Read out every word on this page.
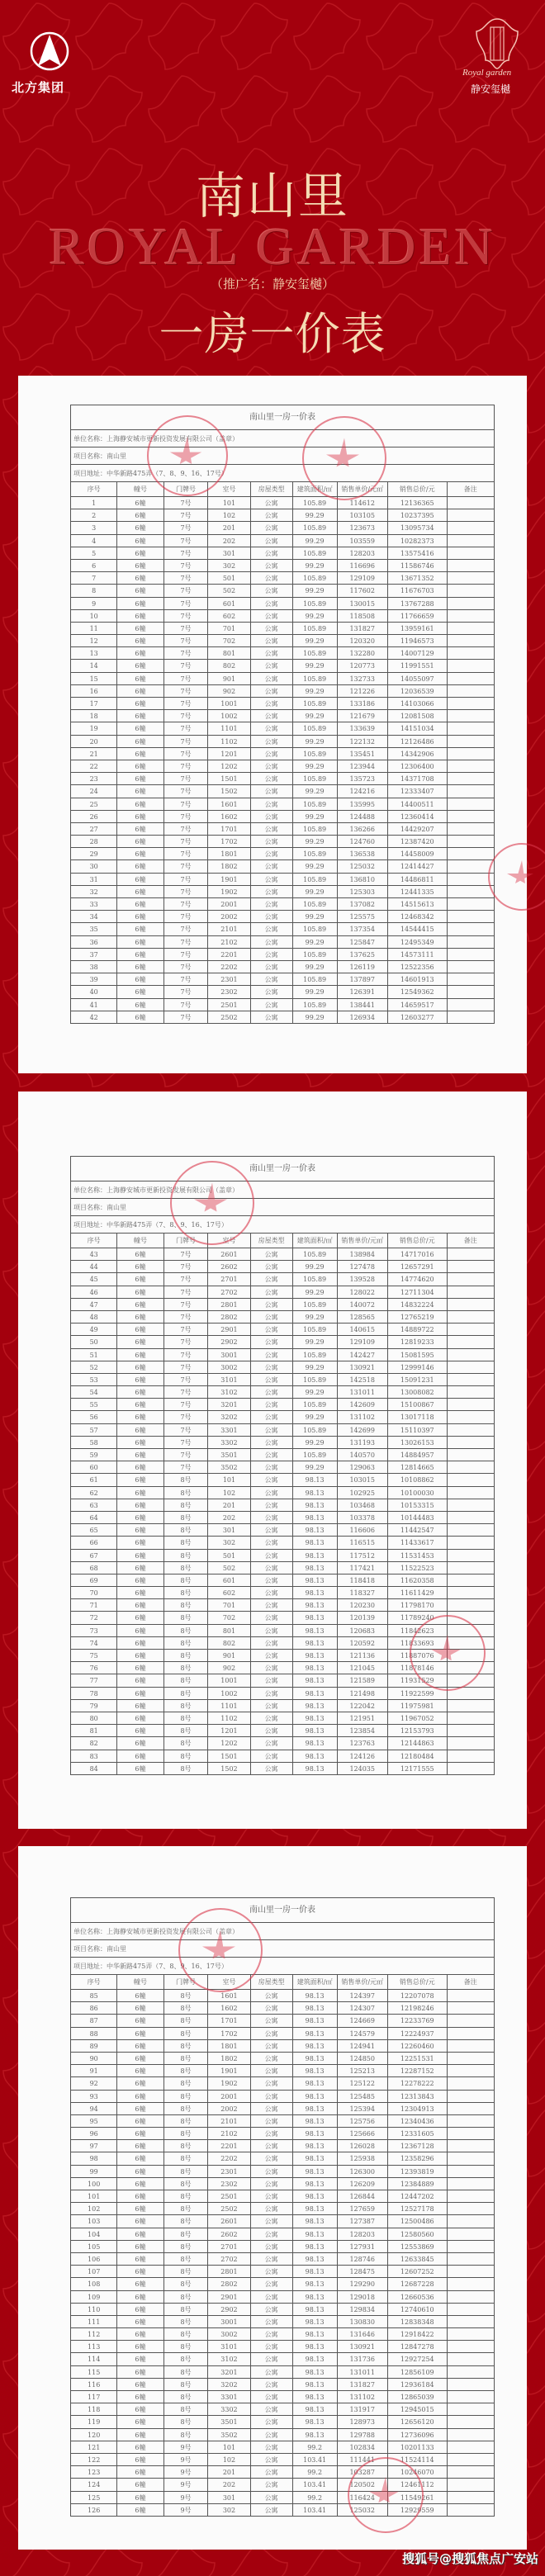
北方集团
Royal garden
静安玺樾
南山里
ROYAL GARDEN
（推广名：静安玺樾）
一房一价表
南山里一房一价表
单位名称：上海静安城市更新投资发展有限公司（盖章）
项目名称：南山里
项目地址：中华新路475弄（7、8、9、16、17号）
序号	幢号	门牌号	室号	房屋类型	建筑面积/㎡	销售单价/元㎡	销售总价/元	备注
1	6幢	7号	101	公寓	105.89	114612	12136365
2	6幢	7号	102	公寓	99.29	103105	10237395
3	6幢	7号	201	公寓	105.89	123673	13095734
4	6幢	7号	202	公寓	99.29	103559	10282373
5	6幢	7号	301	公寓	105.89	128203	13575416
6	6幢	7号	302	公寓	99.29	116696	11586746
7	6幢	7号	501	公寓	105.89	129109	13671352
8	6幢	7号	502	公寓	99.29	117602	11676703
9	6幢	7号	601	公寓	105.89	130015	13767288
10	6幢	7号	602	公寓	99.29	118508	11766659
11	6幢	7号	701	公寓	105.89	131827	13959161
12	6幢	7号	702	公寓	99.29	120320	11946573
13	6幢	7号	801	公寓	105.89	132280	14007129
14	6幢	7号	802	公寓	99.29	120773	11991551
15	6幢	7号	901	公寓	105.89	132733	14055097
16	6幢	7号	902	公寓	99.29	121226	12036539
17	6幢	7号	1001	公寓	105.89	133186	14103066
18	6幢	7号	1002	公寓	99.29	121679	12081508
19	6幢	7号	1101	公寓	105.89	133639	14151034
20	6幢	7号	1102	公寓	99.29	122132	12126486
21	6幢	7号	1201	公寓	105.89	135451	14342906
22	6幢	7号	1202	公寓	99.29	123944	12306400
23	6幢	7号	1501	公寓	105.89	135723	14371708
24	6幢	7号	1502	公寓	99.29	124216	12333407
25	6幢	7号	1601	公寓	105.89	135995	14400511
26	6幢	7号	1602	公寓	99.29	124488	12360414
27	6幢	7号	1701	公寓	105.89	136266	14429207
28	6幢	7号	1702	公寓	99.29	124760	12387420
29	6幢	7号	1801	公寓	105.89	136538	14458009
30	6幢	7号	1802	公寓	99.29	125032	12414427
31	6幢	7号	1901	公寓	105.89	136810	14486811
32	6幢	7号	1902	公寓	99.29	125303	12441335
33	6幢	7号	2001	公寓	105.89	137082	14515613
34	6幢	7号	2002	公寓	99.29	125575	12468342
35	6幢	7号	2101	公寓	105.89	137354	14544415
36	6幢	7号	2102	公寓	99.29	125847	12495349
37	6幢	7号	2201	公寓	105.89	137625	14573111
38	6幢	7号	2202	公寓	99.29	126119	12522356
39	6幢	7号	2301	公寓	105.89	137897	14601913
40	6幢	7号	2302	公寓	99.29	126391	12549362
41	6幢	7号	2501	公寓	105.89	138441	14659517
42	6幢	7号	2502	公寓	99.29	126934	12603277
南山里一房一价表
单位名称：上海静安城市更新投资发展有限公司（盖章）
项目名称：南山里
项目地址：中华新路475弄（7、8、9、16、17号）
序号	幢号	门牌号	室号	房屋类型	建筑面积/㎡	销售单价/元㎡	销售总价/元	备注
43	6幢	7号	2601	公寓	105.89	138984	14717016
44	6幢	7号	2602	公寓	99.29	127478	12657291
45	6幢	7号	2701	公寓	105.89	139528	14774620
46	6幢	7号	2702	公寓	99.29	128022	12711304
47	6幢	7号	2801	公寓	105.89	140072	14832224
48	6幢	7号	2802	公寓	99.29	128565	12765219
49	6幢	7号	2901	公寓	105.89	140615	14889722
50	6幢	7号	2902	公寓	99.29	129109	12819233
51	6幢	7号	3001	公寓	105.89	142427	15081595
52	6幢	7号	3002	公寓	99.29	130921	12999146
53	6幢	7号	3101	公寓	105.89	142518	15091231
54	6幢	7号	3102	公寓	99.29	131011	13008082
55	6幢	7号	3201	公寓	105.89	142609	15100867
56	6幢	7号	3202	公寓	99.29	131102	13017118
57	6幢	7号	3301	公寓	105.89	142699	15110397
58	6幢	7号	3302	公寓	99.29	131193	13026153
59	6幢	7号	3501	公寓	105.89	140570	14884957
60	6幢	7号	3502	公寓	99.29	129063	12814665
61	6幢	8号	101	公寓	98.13	103015	10108862
62	6幢	8号	102	公寓	98.13	102925	10100030
63	6幢	8号	201	公寓	98.13	103468	10153315
64	6幢	8号	202	公寓	98.13	103378	10144483
65	6幢	8号	301	公寓	98.13	116606	11442547
66	6幢	8号	302	公寓	98.13	116515	11433617
67	6幢	8号	501	公寓	98.13	117512	11531453
68	6幢	8号	502	公寓	98.13	117421	11522523
69	6幢	8号	601	公寓	98.13	118418	11620358
70	6幢	8号	602	公寓	98.13	118327	11611429
71	6幢	8号	701	公寓	98.13	120230	11798170
72	6幢	8号	702	公寓	98.13	120139	11789240
73	6幢	8号	801	公寓	98.13	120683	11842623
74	6幢	8号	802	公寓	98.13	120592	11833693
75	6幢	8号	901	公寓	98.13	121136	11887076
76	6幢	8号	902	公寓	98.13	121045	11878146
77	6幢	8号	1001	公寓	98.13	121589	11931529
78	6幢	8号	1002	公寓	98.13	121498	11922599
79	6幢	8号	1101	公寓	98.13	122042	11975981
80	6幢	8号	1102	公寓	98.13	121951	11967052
81	6幢	8号	1201	公寓	98.13	123854	12153793
82	6幢	8号	1202	公寓	98.13	123763	12144863
83	6幢	8号	1501	公寓	98.13	124126	12180484
84	6幢	8号	1502	公寓	98.13	124035	12171555
南山里一房一价表
单位名称：上海静安城市更新投资发展有限公司（盖章）
项目名称：南山里
项目地址：中华新路475弄（7、8、9、16、17号）
序号	幢号	门牌号	室号	房屋类型	建筑面积/㎡	销售单价/元㎡	销售总价/元	备注
85	6幢	8号	1601	公寓	98.13	124397	12207078
86	6幢	8号	1602	公寓	98.13	124307	12198246
87	6幢	8号	1701	公寓	98.13	124669	12233769
88	6幢	8号	1702	公寓	98.13	124579	12224937
89	6幢	8号	1801	公寓	98.13	124941	12260460
90	6幢	8号	1802	公寓	98.13	124850	12251531
91	6幢	8号	1901	公寓	98.13	125213	12287152
92	6幢	8号	1902	公寓	98.13	125122	12278222
93	6幢	8号	2001	公寓	98.13	125485	12313843
94	6幢	8号	2002	公寓	98.13	125394	12304913
95	6幢	8号	2101	公寓	98.13	125756	12340436
96	6幢	8号	2102	公寓	98.13	125666	12331605
97	6幢	8号	2201	公寓	98.13	126028	12367128
98	6幢	8号	2202	公寓	98.13	125938	12358296
99	6幢	8号	2301	公寓	98.13	126300	12393819
100	6幢	8号	2302	公寓	98.13	126209	12384889
101	6幢	8号	2501	公寓	98.13	126844	12447202
102	6幢	8号	2502	公寓	98.13	127659	12527178
103	6幢	8号	2601	公寓	98.13	127387	12500486
104	6幢	8号	2602	公寓	98.13	128203	12580560
105	6幢	8号	2701	公寓	98.13	127931	12553869
106	6幢	8号	2702	公寓	98.13	128746	12633845
107	6幢	8号	2801	公寓	98.13	128475	12607252
108	6幢	8号	2802	公寓	98.13	129290	12687228
109	6幢	8号	2901	公寓	98.13	129018	12660536
110	6幢	8号	2902	公寓	98.13	129834	12740610
111	6幢	8号	3001	公寓	98.13	130830	12838348
112	6幢	8号	3002	公寓	98.13	131646	12918422
113	6幢	8号	3101	公寓	98.13	130921	12847278
114	6幢	8号	3102	公寓	98.13	131736	12927254
115	6幢	8号	3201	公寓	98.13	131011	12856109
116	6幢	8号	3202	公寓	98.13	131827	12936184
117	6幢	8号	3301	公寓	98.13	131102	12865039
118	6幢	8号	3302	公寓	98.13	131917	12945015
119	6幢	8号	3501	公寓	98.13	128973	12656120
120	6幢	8号	3502	公寓	98.13	129788	12736096
121	6幢	9号	101	公寓	99.2	102834	10201133
122	6幢	9号	102	公寓	103.41	111441	11524114
123	6幢	9号	201	公寓	99.2	103287	10246070
124	6幢	9号	202	公寓	103.41	120502	12461112
125	6幢	9号	301	公寓	99.2	116424	11549261
126	6幢	9号	302	公寓	103.41	125032	12929559
搜狐号@搜狐焦点广安站
